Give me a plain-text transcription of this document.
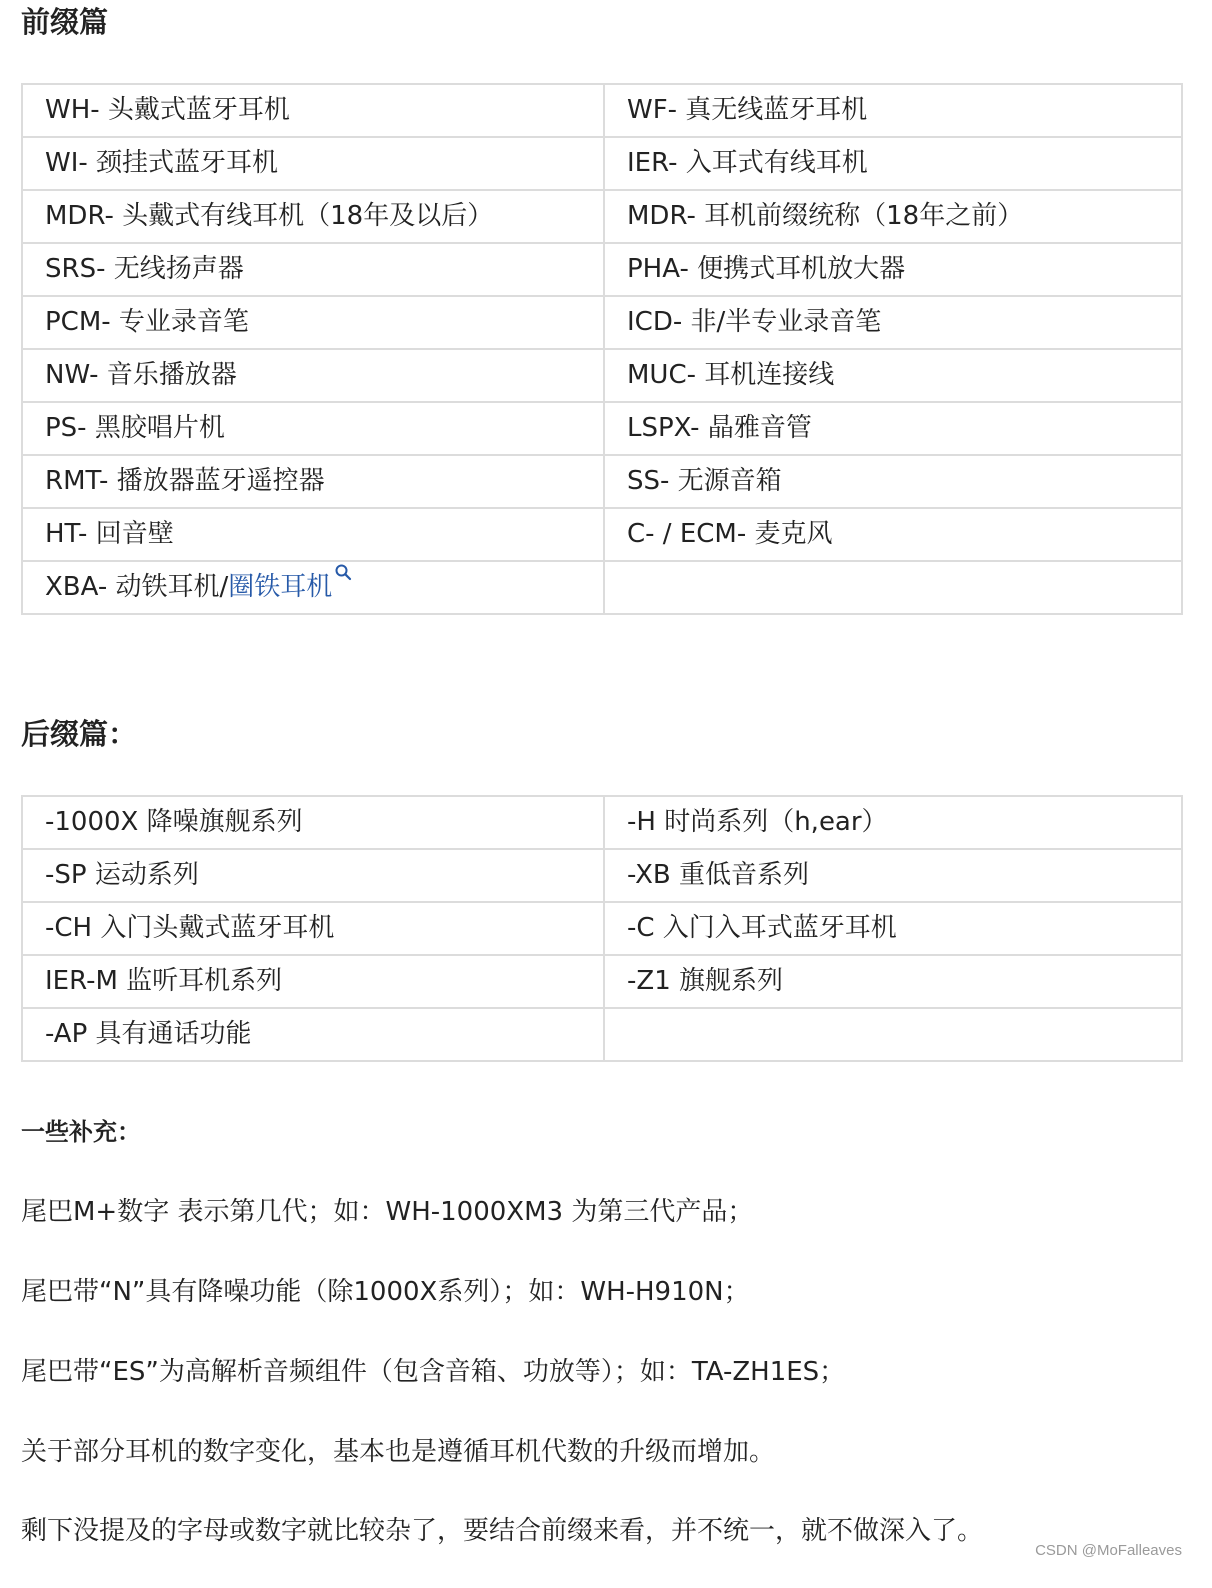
前缀篇
WH- 头戴式蓝牙耳机	WF- 真无线蓝牙耳机
WI- 颈挂式蓝牙耳机	IER- 入耳式有线耳机
MDR- 头戴式有线耳机（18年及以后）	MDR- 耳机前缀统称（18年之前）
SRS- 无线扬声器	PHA- 便携式耳机放大器
PCM- 专业录音笔	ICD- 非/半专业录音笔
NW- 音乐播放器	MUC- 耳机连接线
PS- 黑胶唱片机	LSPX- 晶雅音管
RMT- 播放器蓝牙遥控器	SS- 无源音箱
HT- 回音壁	C- / ECM- 麦克风
XBA- 动铁耳机/圈铁耳机	
后缀篇：
-1000X 降噪旗舰系列	-H 时尚系列（h,ear）
-SP 运动系列	-XB 重低音系列
-CH 入门头戴式蓝牙耳机	-C 入门入耳式蓝牙耳机
IER-M 监听耳机系列	-Z1 旗舰系列
-AP 具有通话功能	
一些补充：

尾巴M+数字 表示第几代；如：WH-1000XM3 为第三代产品；

尾巴带“N”具有降噪功能（除1000X系列）；如：WH-H910N；

尾巴带“ES”为高解析音频组件（包含音箱、功放等）；如：TA-ZH1ES；

关于部分耳机的数字变化，基本也是遵循耳机代数的升级而增加。

剩下没提及的字母或数字就比较杂了，要结合前缀来看，并不统一，就不做深入了。

CSDN @MoFalleaves
